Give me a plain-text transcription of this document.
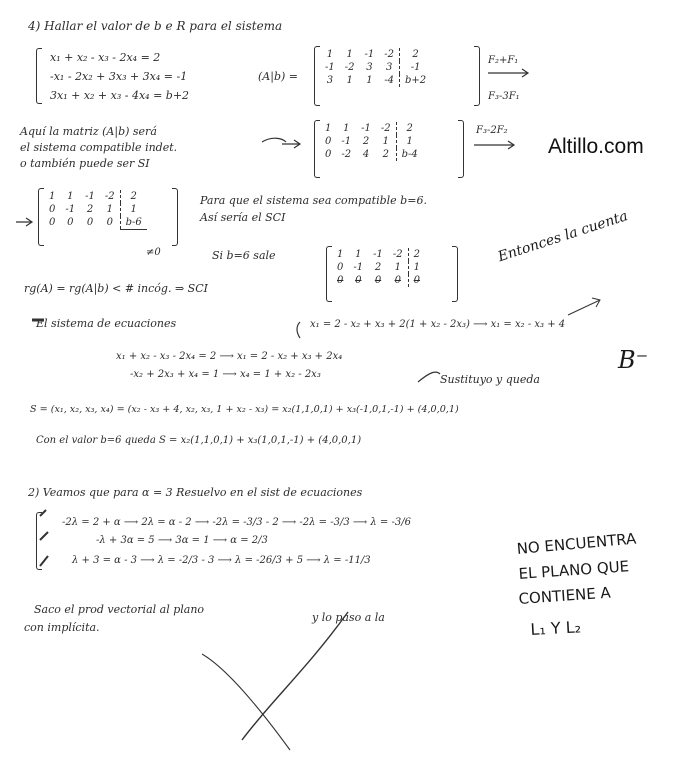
Altillo.com
4) Hallar el valor de b e R para el sistema
x₁ + x₂ - x₃ - 2x₄ = 2
-x₁ - 2x₂ + 3x₃ + 3x₄ = -1
3x₁ + x₂ + x₃ - 4x₄ = b+2
(A|b) =
1	1	-1	-2	2
-1	-2	3	3	-1
3	1	1	-4	b+2
F₂+F₁
F₃-3F₁
Aquí la matriz (A|b) será
el sistema compatible indet.
o también puede ser SI
1	1	-1	-2	2
0	-1	2	1	1
0	-2	4	2	b-4
F₃-2F₂
1	1	-1	-2	2
0	-1	2	1	1
0	0	0	0	b-6
≠0
Para que el sistema sea compatible b=6.
Así sería el SCI
Si b=6 sale	1	1	-1	-2	2
0	-1	2	1	1
0	0	0	0	0
rg(A) = rg(A|b) < # incóg. ⇒ SCI
El sistema de ecuaciones	x₁ = 2 - x₂ + x₃ + 2(1 + x₂ - 2x₃) ⟶ x₁ = x₂ - x₃ + 4
x₁ + x₂ - x₃ - 2x₄ = 2 ⟶ x₁ = 2 - x₂ + x₃ + 2x₄
-x₂ + 2x₃ + x₄ = 1 ⟶ x₄ = 1 + x₂ - 2x₃	Sustituyo y queda
S = (x₁, x₂, x₃, x₄) = (x₂ - x₃ + 4, x₂, x₃, 1 + x₂ - x₃) = x₂(1,1,0,1) + x₃(-1,0,1,-1) + (4,0,0,1)
Con el valor b=6 queda S = x₂(1,1,0,1) + x₃(1,0,1,-1) + (4,0,0,1)
2) Veamos que para α = 3 Resuelvo en el sist de ecuaciones
-2λ = 2 + α ⟶ 2λ = α - 2 ⟶ -2λ = -3/3 - 2 ⟶ -2λ = -3/3 ⟶ λ = -3/6
-λ + 3α = 5 ⟶ 3α = 1 ⟶ α = 2/3
λ + 3 = α - 3 ⟶ λ = -2/3 - 3 ⟶ λ = -26/3 + 5 ⟶ λ = -11/3
Saco el prod vectorial al plano
con implícita.
y lo paso a la
Entonces la cuenta
B⁻
NO ENCUENTRA
EL PLANO QUE
CONTIENE A
L₁ Y L₂
